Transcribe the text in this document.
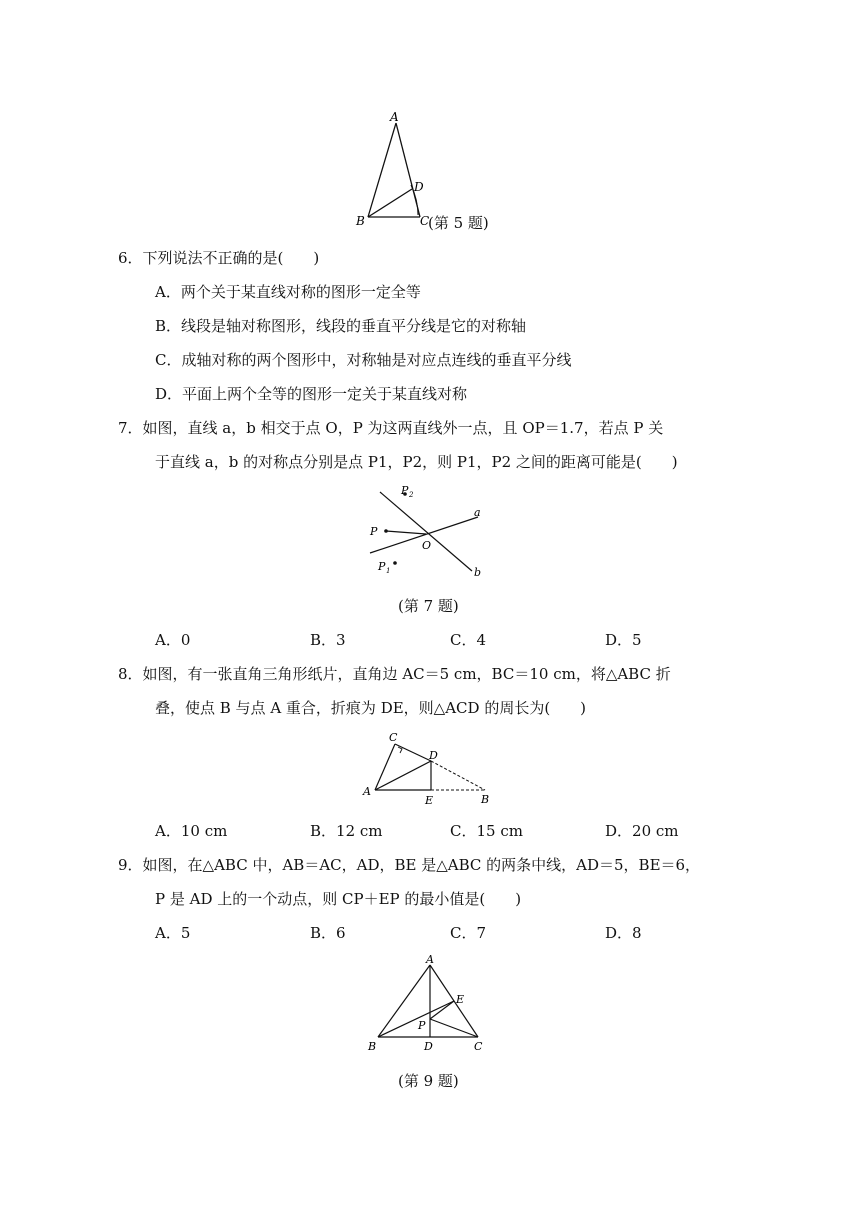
A
D
B	C
(第 5 题)
6．下列说法不正确的是(　　)
A．两个关于某直线对称的图形一定全等
B．线段是轴对称图形，线段的垂直平分线是它的对称轴
C．成轴对称的两个图形中，对称轴是对应点连线的垂直平分线
D．平面上两个全等的图形一定关于某直线对称
7．如图，直线 a，b 相交于点 O，P 为这两直线外一点，且 OP＝1.7，若点 P 关
于直线 a，b 的对称点分别是点 P1，P2，则 P1，P2 之间的距离可能是(　　)
P 2
P
O
a
b
P 1
(第 7 题)
A．0	B．3	C．4	D．5
8．如图，有一张直角三角形纸片，直角边 AC＝5 cm，BC＝10 cm，将△ABC 折
叠，使点 B 与点 A 重合，折痕为 DE，则△ACD 的周长为(　　)
C
D
A
E	B
A．10 cm	B．12 cm	C．15 cm	D．20 cm
9．如图，在△ABC 中，AB＝AC，AD，BE 是△ABC 的两条中线，AD＝5，BE＝6，
P 是 AD 上的一个动点，则 CP＋EP 的最小值是(　　)
A．5	B．6	C．7	D．8
A
E
P
B	D	C
(第 9 题)
